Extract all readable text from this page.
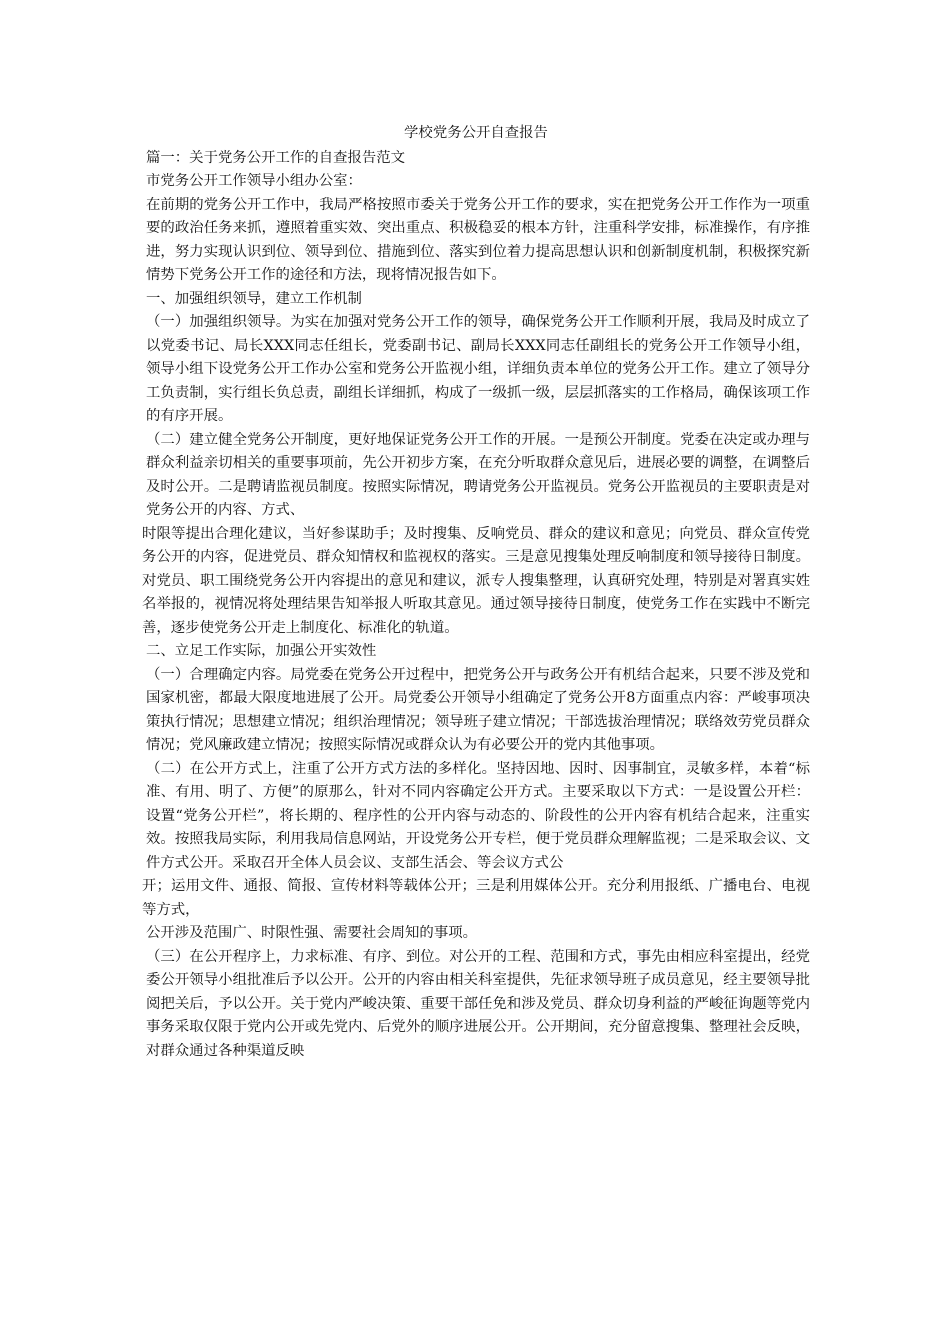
学校党务公开自查报告

篇一：关于党务公开工作的自查报告范文

市党务公开工作领导小组办公室：

在前期的党务公开工作中，我局严格按照市委关于党务公开工作的要求，实在把党务公开工作作为一项重要的政治任务来抓，遵照着重实效、突出重点、积极稳妥的根本方针，注重科学安排，标准操作，有序推进，努力实现认识到位、领导到位、措施到位、落实到位着力提高思想认识和创新制度机制，积极探究新情势下党务公开工作的途径和方法，现将情况报告如下。

一、加强组织领导，建立工作机制

（一）加强组织领导。为实在加强对党务公开工作的领导，确保党务公开工作顺利开展，我局及时成立了以党委书记、局长XXX同志任组长，党委副书记、副局长XXX同志任副组长的党务公开工作领导小组，领导小组下设党务公开工作办公室和党务公开监视小组，详细负责本单位的党务公开工作。建立了领导分工负责制，实行组长负总责，副组长详细抓，构成了一级抓一级，层层抓落实的工作格局，确保该项工作的有序开展。

（二）建立健全党务公开制度，更好地保证党务公开工作的开展。一是预公开制度。党委在决定或办理与群众利益亲切相关的重要事项前，先公开初步方案，在充分听取群众意见后，进展必要的调整，在调整后及时公开。二是聘请监视员制度。按照实际情况，聘请党务公开监视员。党务公开监视员的主要职责是对党务公开的内容、方式、

时限等提出合理化建议，当好参谋助手；及时搜集、反响党员、群众的建议和意见；向党员、群众宣传党务公开的内容，促进党员、群众知情权和监视权的落实。三是意见搜集处理反响制度和领导接待日制度。对党员、职工围绕党务公开内容提出的意见和建议，派专人搜集整理，认真研究处理，特别是对署真实姓名举报的，视情况将处理结果告知举报人听取其意见。通过领导接待日制度，使党务工作在实践中不断完善，逐步使党务公开走上制度化、标准化的轨道。

二、立足工作实际，加强公开实效性

（一）合理确定内容。局党委在党务公开过程中，把党务公开与政务公开有机结合起来，只要不涉及党和国家机密，都最大限度地进展了公开。局党委公开领导小组确定了党务公开8方面重点内容：严峻事项决策执行情况；思想建立情况；组织治理情况；领导班子建立情况；干部选拔治理情况；联络效劳党员群众情况；党风廉政建立情况；按照实际情况或群众认为有必要公开的党内其他事项。

（二）在公开方式上，注重了公开方式方法的多样化。坚持因地、因时、因事制宜，灵敏多样，本着“标准、有用、明了、方便”的原那么，针对不同内容确定公开方式。主要采取以下方式：一是设置公开栏：设置“党务公开栏”，将长期的、程序性的公开内容与动态的、阶段性的公开内容有机结合起来，注重实效。按照我局实际，利用我局信息网站，开设党务公开专栏，便于党员群众理解监视；二是采取会议、文件方式公开。采取召开全体人员会议、支部生活会、等会议方式公

开；运用文件、通报、简报、宣传材料等载体公开；三是利用媒体公开。充分利用报纸、广播电台、电视等方式，

公开涉及范围广、时限性强、需要社会周知的事项。

（三）在公开程序上，力求标准、有序、到位。对公开的工程、范围和方式，事先由相应科室提出，经党委公开领导小组批准后予以公开。公开的内容由相关科室提供，先征求领导班子成员意见，经主要领导批阅把关后，予以公开。关于党内严峻决策、重要干部任免和涉及党员、群众切身利益的严峻征询题等党内事务采取仅限于党内公开或先党内、后党外的顺序进展公开。公开期间，充分留意搜集、整理社会反映，对群众通过各种渠道反映
